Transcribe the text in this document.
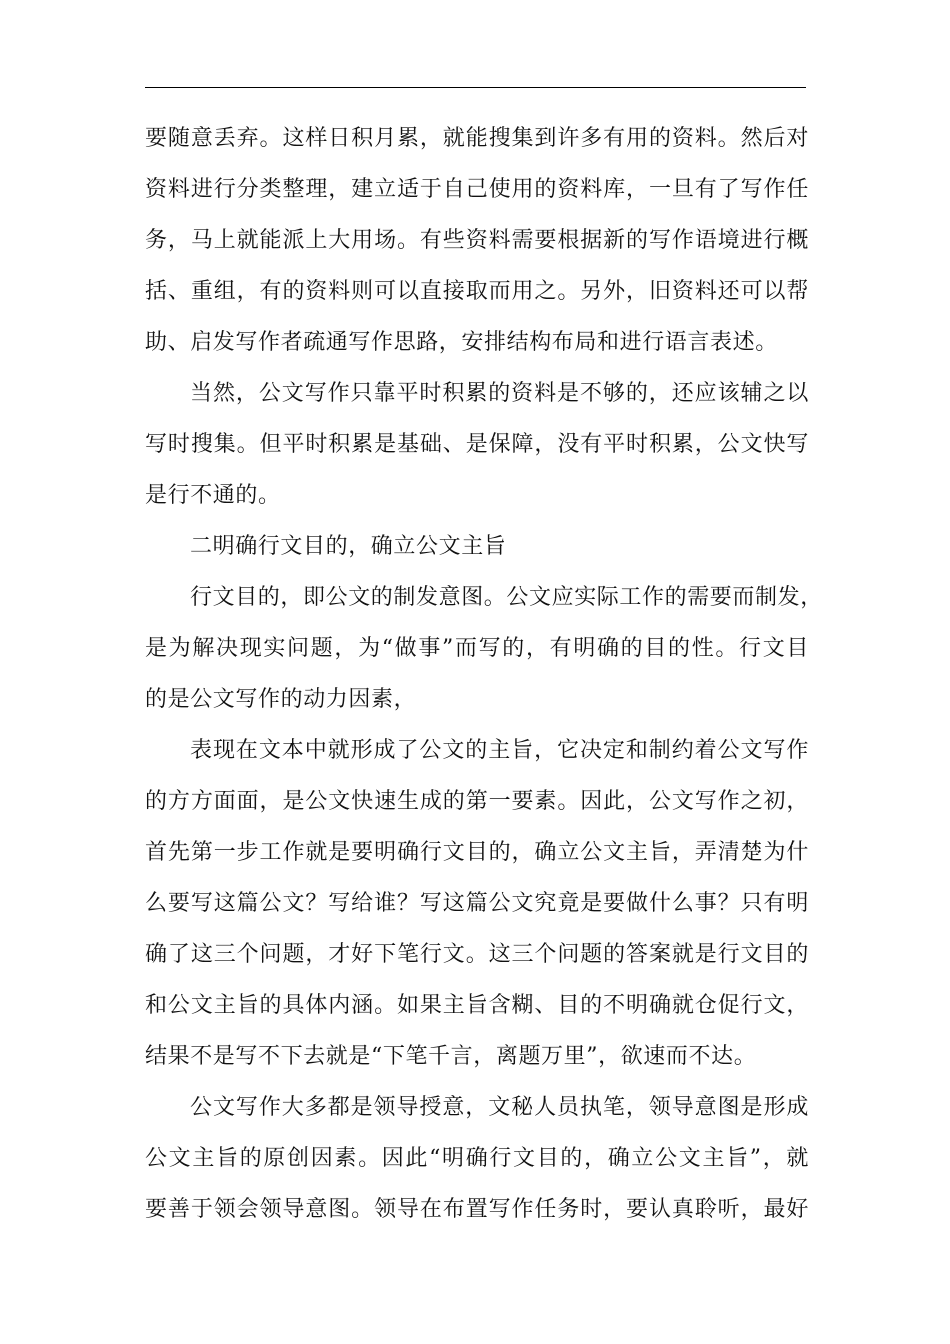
要随意丢弃。这样日积月累，就能搜集到许多有用的资料。然后对
资料进行分类整理，建立适于自己使用的资料库，一旦有了写作任
务，马上就能派上大用场。有些资料需要根据新的写作语境进行概
括、重组，有的资料则可以直接取而用之。另外，旧资料还可以帮
助、启发写作者疏通写作思路，安排结构布局和进行语言表述。
当然，公文写作只靠平时积累的资料是不够的，还应该辅之以
写时搜集。但平时积累是基础、是保障，没有平时积累，公文快写
是行不通的。
二明确行文目的，确立公文主旨
行文目的，即公文的制发意图。公文应实际工作的需要而制发，
是为解决现实问题，为“做事”而写的，有明确的目的性。行文目
的是公文写作的动力因素，
表现在文本中就形成了公文的主旨，它决定和制约着公文写作
的方方面面，是公文快速生成的第一要素。因此，公文写作之初，
首先第一步工作就是要明确行文目的，确立公文主旨，弄清楚为什
么要写这篇公文？写给谁？写这篇公文究竟是要做什么事？只有明
确了这三个问题，才好下笔行文。这三个问题的答案就是行文目的
和公文主旨的具体内涵。如果主旨含糊、目的不明确就仓促行文，
结果不是写不下去就是“下笔千言，离题万里”，欲速而不达。
公文写作大多都是领导授意，文秘人员执笔，领导意图是形成
公文主旨的原创因素。因此“明确行文目的，确立公文主旨”，就
要善于领会领导意图。领导在布置写作任务时，要认真聆听，最好
